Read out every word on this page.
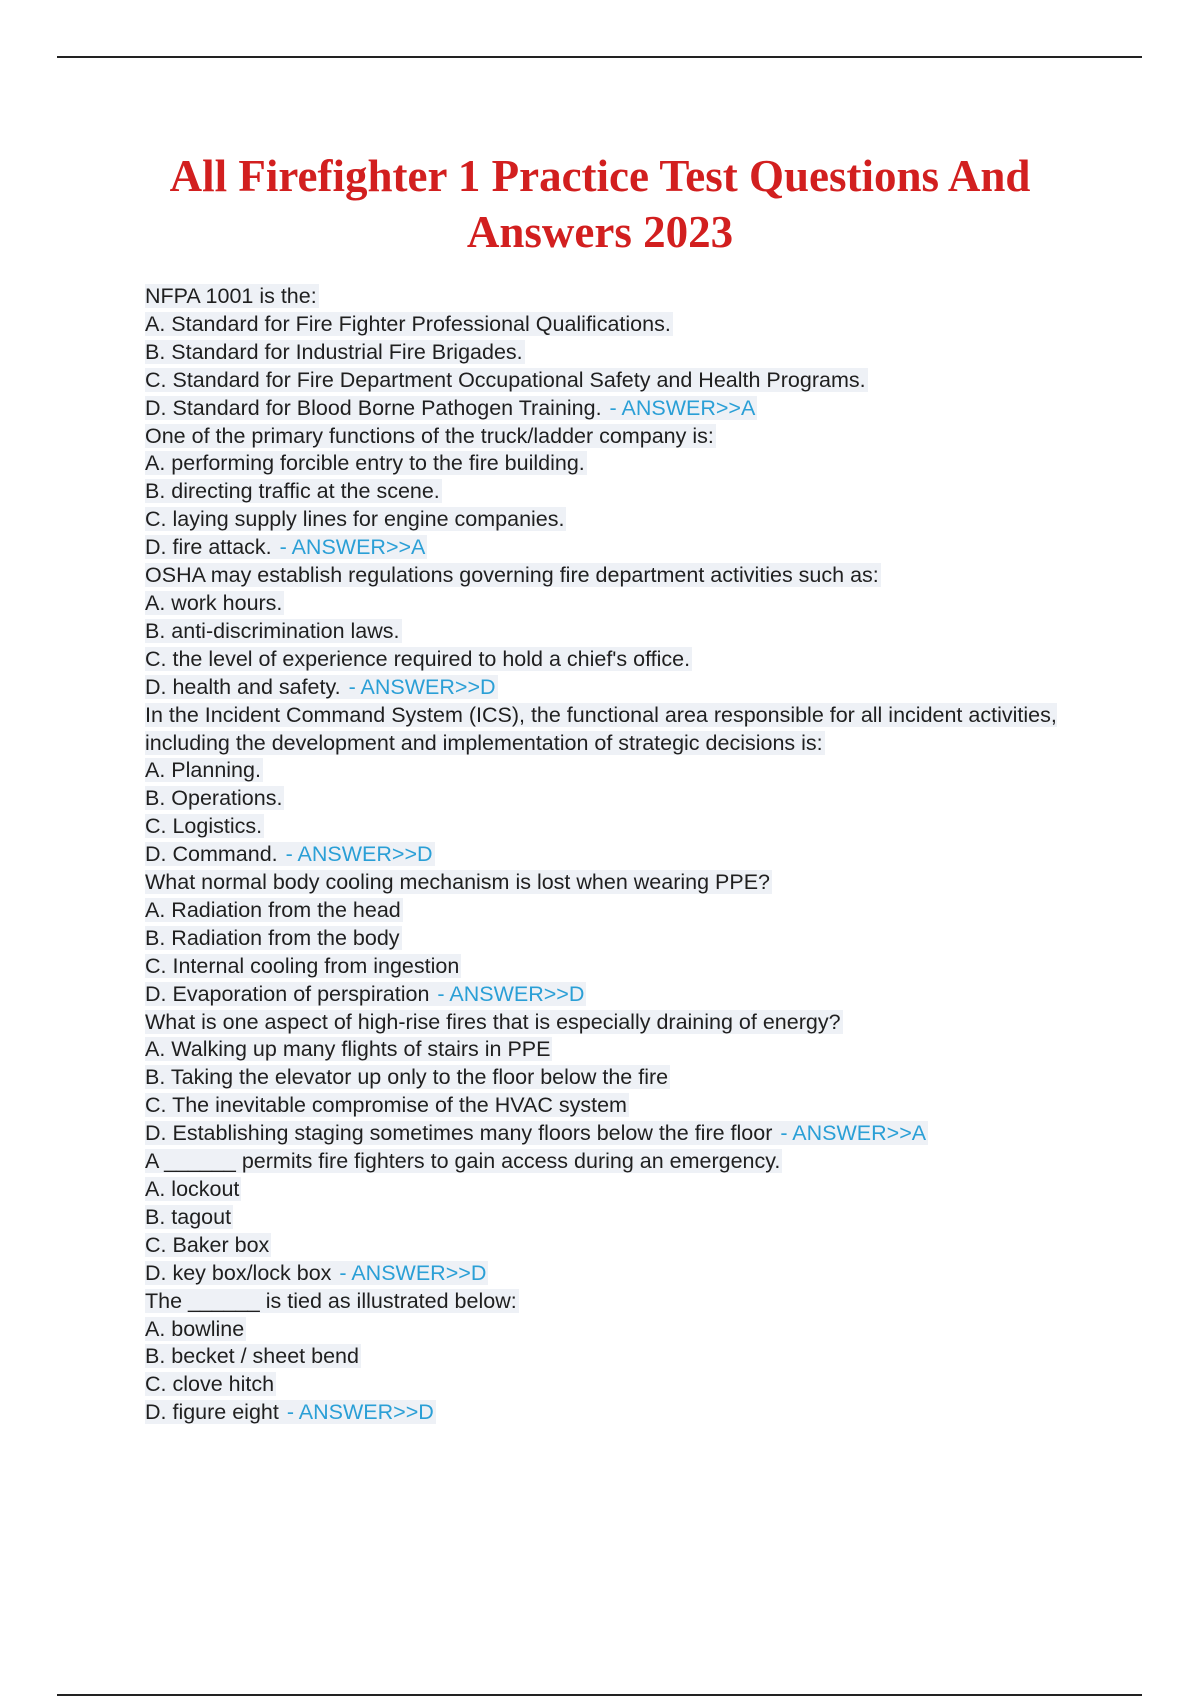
All Firefighter 1 Practice Test Questions And
Answers 2023
NFPA 1001 is the:
A. Standard for Fire Fighter Professional Qualifications.
B. Standard for Industrial Fire Brigades.
C. Standard for Fire Department Occupational Safety and Health Programs.
D. Standard for Blood Borne Pathogen Training. - ANSWER>>A
One of the primary functions of the truck/ladder company is:
A. performing forcible entry to the fire building.
B. directing traffic at the scene.
C. laying supply lines for engine companies.
D. fire attack. - ANSWER>>A
OSHA may establish regulations governing fire department activities such as:
A. work hours.
B. anti-discrimination laws.
C. the level of experience required to hold a chief's office.
D. health and safety. - ANSWER>>D
In the Incident Command System (ICS), the functional area responsible for all incident activities, including the development and implementation of strategic decisions is:
A. Planning.
B. Operations.
C. Logistics.
D. Command. - ANSWER>>D
What normal body cooling mechanism is lost when wearing PPE?
A. Radiation from the head
B. Radiation from the body
C. Internal cooling from ingestion
D. Evaporation of perspiration - ANSWER>>D
What is one aspect of high-rise fires that is especially draining of energy?
A. Walking up many flights of stairs in PPE
B. Taking the elevator up only to the floor below the fire
C. The inevitable compromise of the HVAC system
D. Establishing staging sometimes many floors below the fire floor - ANSWER>>A
A ______ permits fire fighters to gain access during an emergency.
A. lockout
B. tagout
C. Baker box
D. key box/lock box - ANSWER>>D
The ______ is tied as illustrated below:
A. bowline
B. becket / sheet bend
C. clove hitch
D. figure eight - ANSWER>>D
